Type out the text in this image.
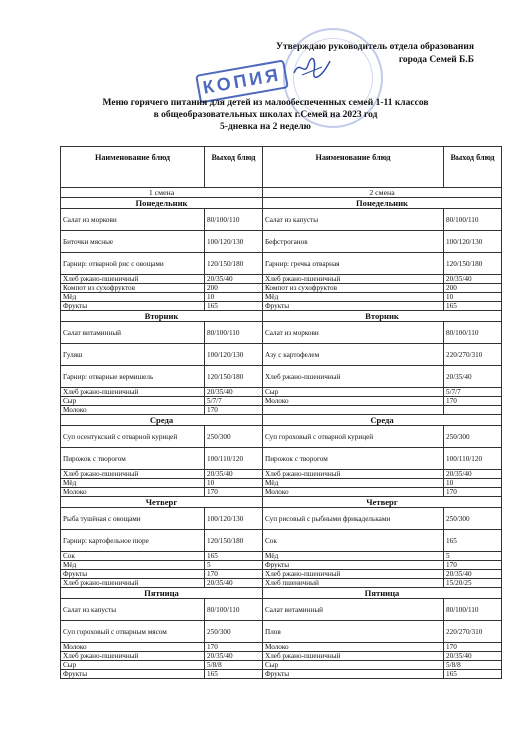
Утверждаю руководитель отдела образования
города Семей Б.Б
КОПИЯ
Меню горячего питания для детей из малообеспеченных семей 1-11 классов
в общеобразовательных школах г.Семей на 2023 год
5-дневка на 2 неделю
Наименование блюд	Выход блюд	Наименование блюд	Выход блюд
1 смена		2 смена	
Понедельник		Понедельник	
Салат из моркови	80/100/110	Салат из капусты	80/100/110
Биточки мясные	100/120/130	Бефстроганов	100/120/130
Гарнир: отварной рис с овощами	120/150/180	Гарнир: гречка отварная	120/150/180
Хлеб ржано-пшеничный	20/35/40	Хлеб ржано-пшеничный	20/35/40
Компот из сухофруктов	200	Компот из сухофруктов	200
Мёд	10	Мёд	10
Фрукты	165	Фрукты	165
Вторник		Вторник	
Салат витаминный	80/100/110	Салат из моркови	80/100/110
Гуляш	100/120/130	Азу с картофелем	220/270/310
Гарнир: отварные вермишель	120/150/180	Хлеб ржано-пшеничный	20/35/40
Хлеб ржано-пшеничный	20/35/40	Сыр	5/7/7
Сыр	5/7/7	Молоко	170
Молоко	170		
Среда		Среда	
Суп осентукский с отварной курицей	250/300	Суп гороховый с отварной курицей	250/300
Пирожок с творогом	100/110/120	Пирожок с творогом	100/110/120
Хлеб ржано-пшеничный	20/35/40	Хлеб ржано-пшеничный	20/35/40
Мёд	10	Мёд	10
Молоко	170	Молоко	170
Четверг		Четверг	
Рыба тушёная с овощами	100/120/130	Суп рисовый с рыбными фрикадельками	250/300
Гарнир: картофельное пюре	120/150/180	Сок	165
Сок	165	Мёд	5
Мёд	5	Фрукты	170
Фрукты	170	Хлеб ржано-пшеничный	20/35/40
Хлеб ржано-пшеничный	20/35/40	Хлеб пшеничный	15/20/25
Пятница		Пятница	
Салат из капусты	80/100/110	Салат витаминный	80/100/110
Суп гороховый с отварным мясом	250/300	Плов	220/270/310
Молоко	170	Молоко	170
Хлеб ржано-пшеничный	20/35/40	Хлеб ржано-пшеничный	20/35/40
Сыр	5/8/8	Сыр	5/8/8
Фрукты	165	Фрукты	165
